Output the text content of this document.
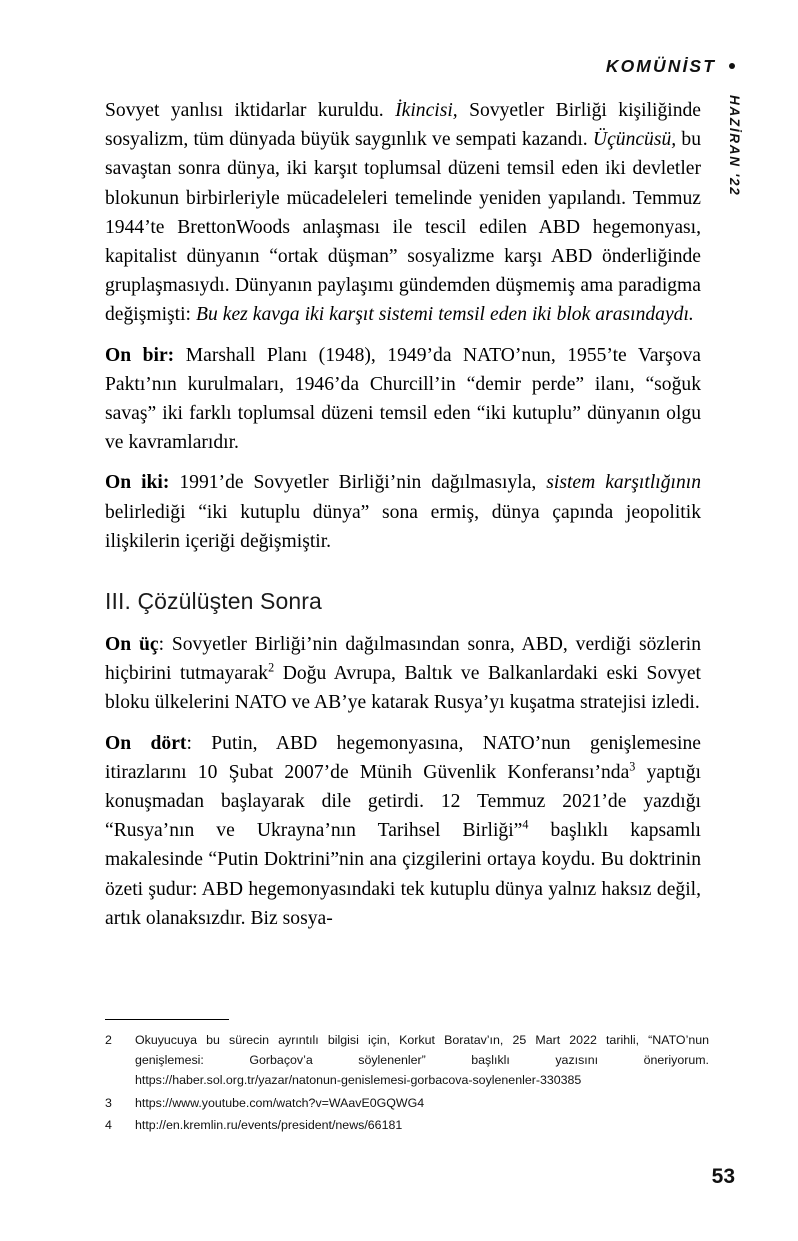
KOMÜNİST
HAZİRAN '22

Sovyet yanlısı iktidarlar kuruldu. İkincisi, Sovyetler Birliği kişiliğinde sosyalizm, tüm dünyada büyük saygınlık ve sempati kazandı. Üçüncüsü, bu savaştan sonra dünya, iki karşıt toplumsal düzeni temsil eden iki devletler blokunun birbirleriyle mücadeleleri temelinde yeniden yapılandı. Temmuz 1944’te BrettonWoods anlaşması ile tescil edilen ABD hegemonyası, kapitalist dünyanın “ortak düşman” sosyalizme karşı ABD önderliğinde gruplaşmasıydı. Dünyanın paylaşımı gündemden düşmemiş ama paradigma değişmişti: Bu kez kavga iki karşıt sistemi temsil eden iki blok arasındaydı.

On bir: Marshall Planı (1948), 1949’da NATO’nun, 1955’te Varşova Paktı’nın kurulmaları, 1946’da Churcill’in “demir perde” ilanı, “soğuk savaş” iki farklı toplumsal düzeni temsil eden “iki kutuplu” dünyanın olgu ve kavramlarıdır.

On iki: 1991’de Sovyetler Birliği’nin dağılmasıyla, sistem karşıtlığının belirlediği “iki kutuplu dünya” sona ermiş, dünya çapında jeopolitik ilişkilerin içeriği değişmiştir.

III. Çözülüşten Sonra

On üç: Sovyetler Birliği’nin dağılmasından sonra, ABD, verdiği sözlerin hiçbirini tutmayarak$^2$ Doğu Avrupa, Baltık ve Balkanlardaki eski Sovyet bloku ülkelerini NATO ve AB’ye katarak Rusya’yı kuşatma stratejisi izledi.

On dört: Putin, ABD hegemonyasına, NATO’nun genişlemesine itirazlarını 10 Şubat 2007’de Münih Güvenlik Konferansı’nda$^3$ yaptığı konuşmadan başlayarak dile getirdi. 12 Temmuz 2021’de yazdığı “Rusya’nın ve Ukrayna’nın Tarihsel Birliği”$^4$ başlıklı kapsamlı makalesinde “Putin Doktrini”nin ana çizgilerini ortaya koydu. Bu doktrinin özeti şudur: ABD hegemonyasındaki tek kutuplu dünya yalnız haksız değil, artık olanaksızdır. Biz sosya-

2	Okuyucuya bu sürecin ayrıntılı bilgisi için, Korkut Boratav’ın, 25 Mart 2022 tarihli, “NATO’nun genişlemesi: Gorbaçov’a söylenenler” başlıklı yazısını öneriyorum. https://haber.sol.org.tr/yazar/natonun-genislemesi-gorbacova-soylenenler-330385

3	https://www.youtube.com/watch?v=WAavE0GQWG4

4	http://en.kremlin.ru/events/president/news/66181

53
